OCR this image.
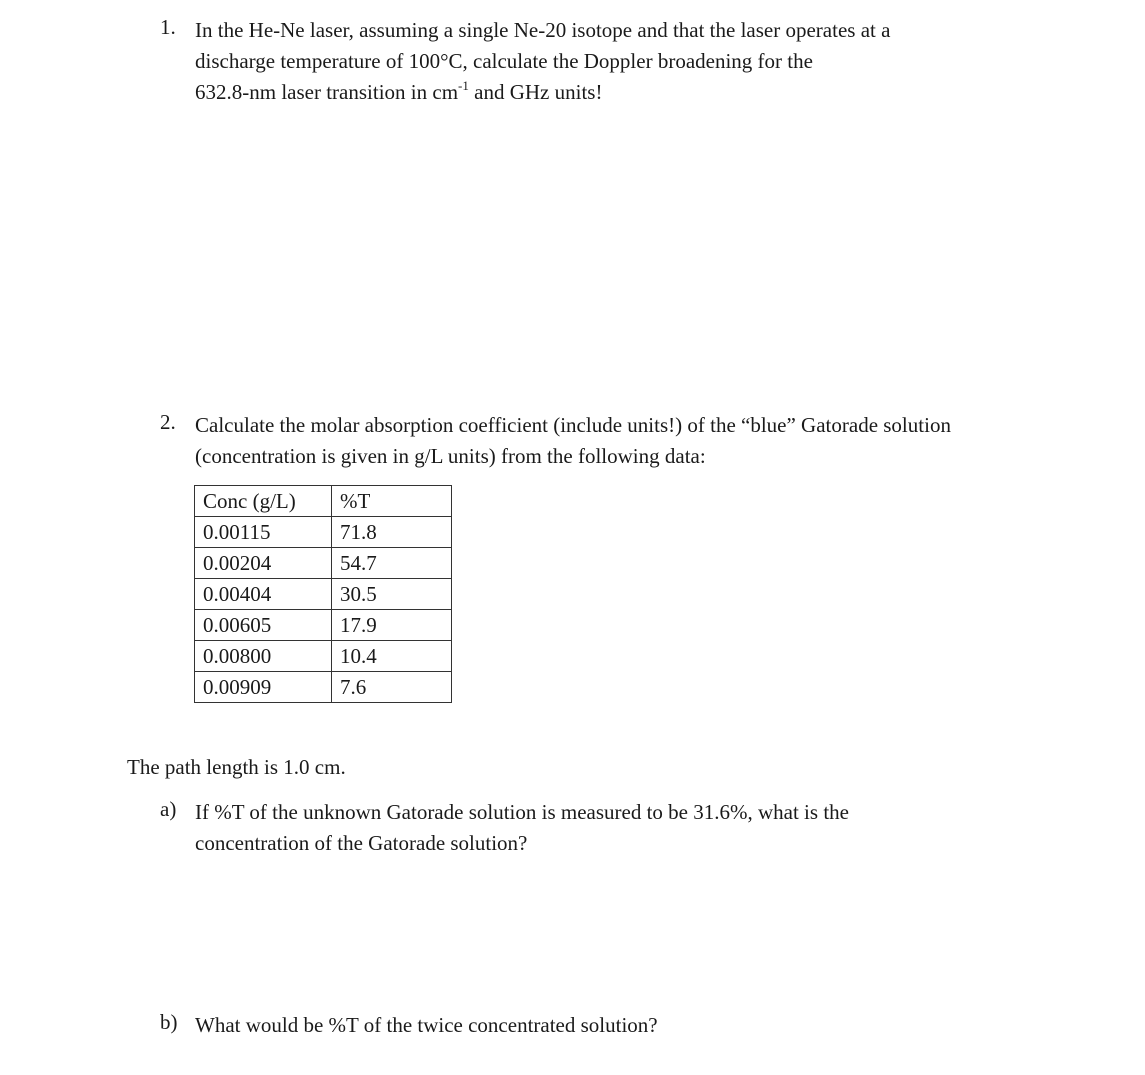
1. In the He-Ne laser, assuming a single Ne-20 isotope and that the laser operates at a
discharge temperature of 100°C, calculate the Doppler broadening for the
632.8-nm laser transition in $cm^{-1}$ and GHz units!
2. Calculate the molar absorption coefficient (include units!) of the “blue” Gatorade solution
(concentration is given in g/L units) from the following data:
Conc (g/L)	%T
0.00115	71.8
0.00204	54.7
0.00404	30.5
0.00605	17.9
0.00800	10.4
0.00909	7.6
The path length is 1.0 cm.
a) If %T of the unknown Gatorade solution is measured to be 31.6%, what is the
concentration of the Gatorade solution?
b) What would be %T of the twice concentrated solution?
